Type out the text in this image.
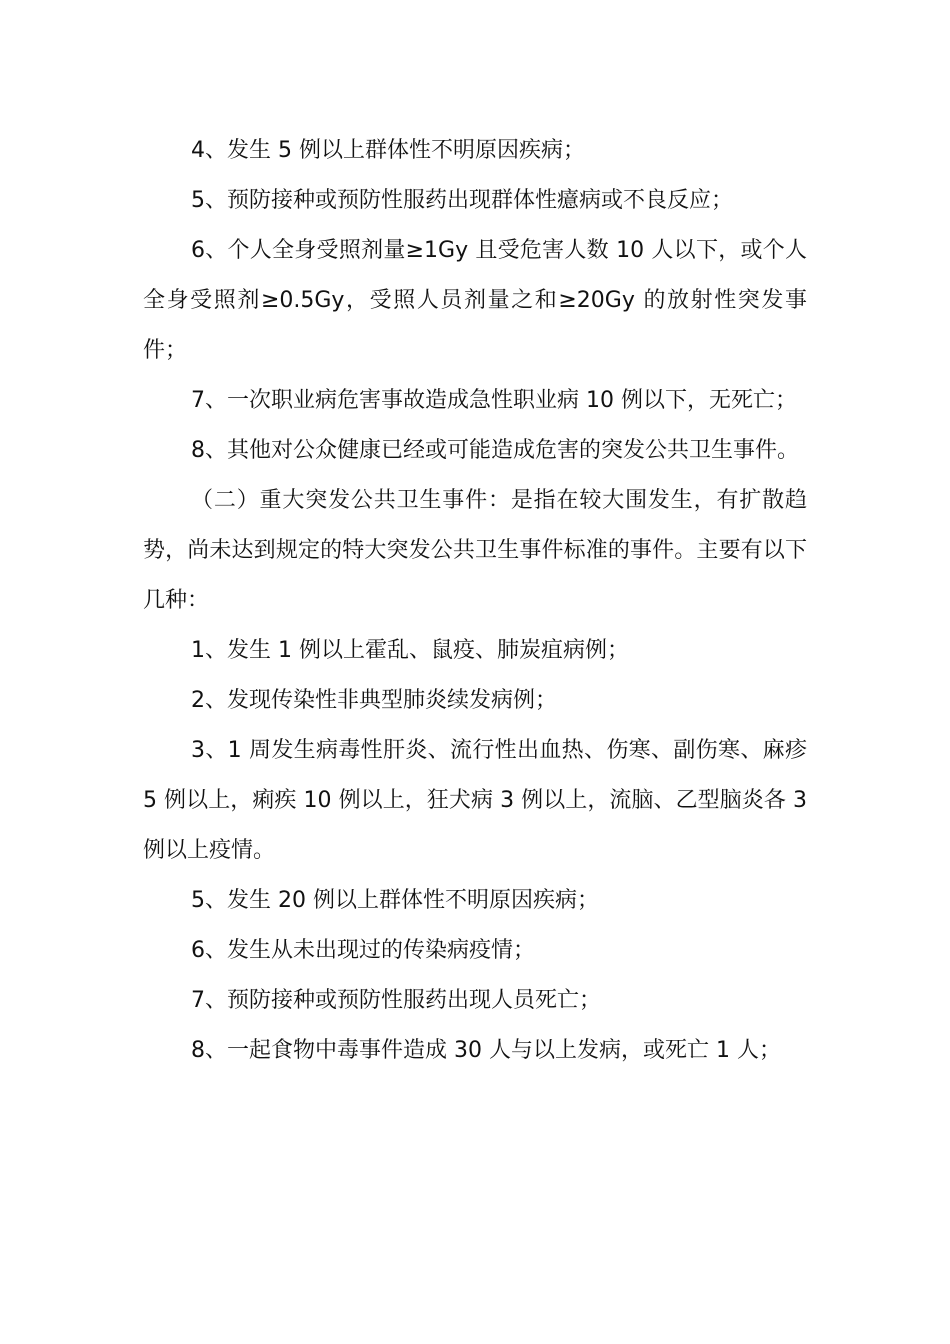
4、发生 5 例以上群体性不明原因疾病；

5、预防接种或预防性服药出现群体性癔病或不良反应；

6、个人全身受照剂量≥1Gy 且受危害人数 10 人以下，或个人全身受照剂≥0.5Gy，受照人员剂量之和≥20Gy 的放射性突发事件；

7、一次职业病危害事故造成急性职业病 10 例以下，无死亡；

8、其他对公众健康已经或可能造成危害的突发公共卫生事件。

（二）重大突发公共卫生事件：是指在较大围发生，有扩散趋势，尚未达到规定的特大突发公共卫生事件标准的事件。主要有以下几种：

1、发生 1 例以上霍乱、鼠疫、肺炭疽病例；

2、发现传染性非典型肺炎续发病例；

3、1 周发生病毒性肝炎、流行性出血热、伤寒、副伤寒、麻疹 5 例以上，痢疾 10 例以上，狂犬病 3 例以上，流脑、乙型脑炎各 3 例以上疫情。

5、发生 20 例以上群体性不明原因疾病；

6、发生从未出现过的传染病疫情；

7、预防接种或预防性服药出现人员死亡；

8、一起食物中毒事件造成 30 人与以上发病，或死亡 1 人；
